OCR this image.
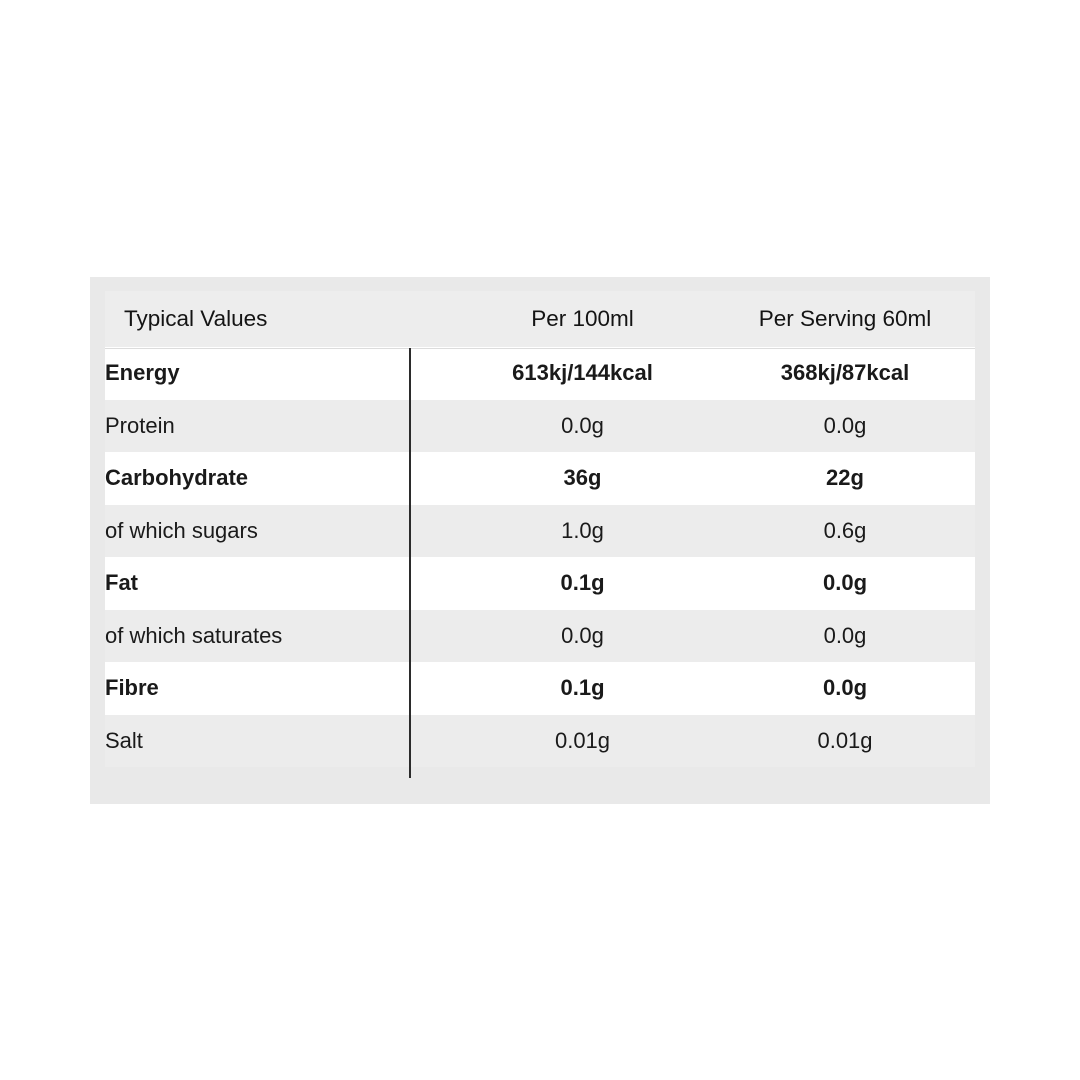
Typical Values	Per 100ml	Per Serving 60ml
Energy	613kj/144kcal	368kj/87kcal
Protein	0.0g	0.0g
Carbohydrate	36g	22g
of which sugars	1.0g	0.6g
Fat	0.1g	0.0g
of which saturates	0.0g	0.0g
Fibre	0.1g	0.0g
Salt	0.01g	0.01g
